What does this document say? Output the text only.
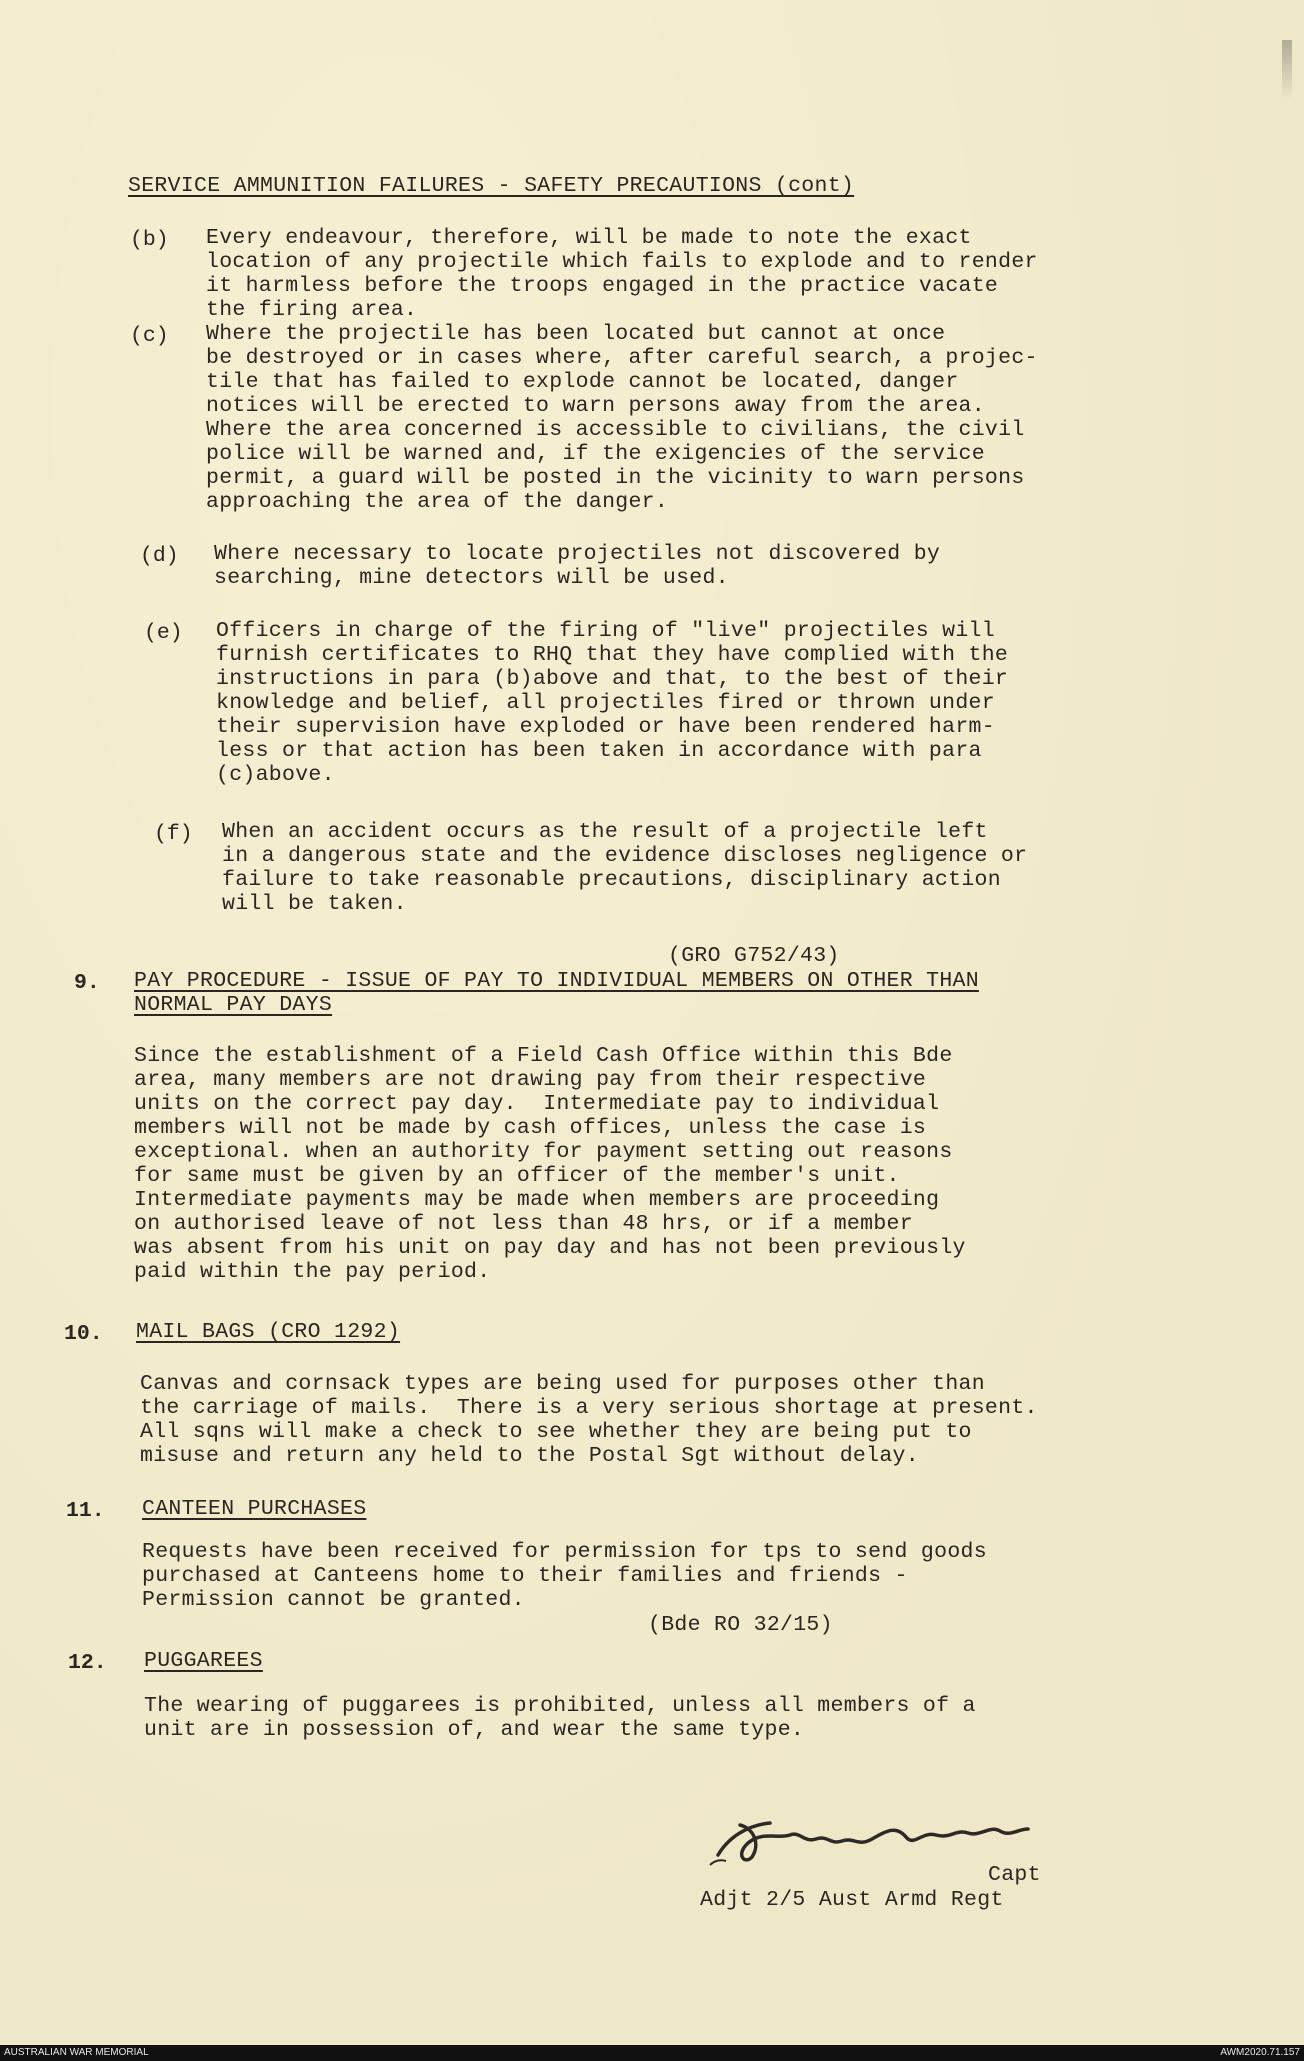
SERVICE AMMUNITION FAILURES - SAFETY PRECAUTIONS (cont)
(b) Every endeavour, therefore, will be made to note the exact
location of any projectile which fails to explode and to render
it harmless before the troops engaged in the practice vacate
the firing area.
(c) Where the projectile has been located but cannot at once
be destroyed or in cases where, after careful search, a projec-
tile that has failed to explode cannot be located, danger
notices will be erected to warn persons away from the area.
Where the area concerned is accessible to civilians, the civil
police will be warned and, if the exigencies of the service
permit, a guard will be posted in the vicinity to warn persons
approaching the area of the danger.
(d) Where necessary to locate projectiles not discovered by
searching, mine detectors will be used.
(e) Officers in charge of the firing of "live" projectiles will
furnish certificates to RHQ that they have complied with the
instructions in para (b)above and that, to the best of their
knowledge and belief, all projectiles fired or thrown under
their supervision have exploded or have been rendered harm-
less or that action has been taken in accordance with para
(c)above.
(f) When an accident occurs as the result of a projectile left
in a dangerous state and the evidence discloses negligence or
failure to take reasonable precautions, disciplinary action
will be taken.
(GRO G752/43)
9. PAY PROCEDURE - ISSUE OF PAY TO INDIVIDUAL MEMBERS ON OTHER THAN
NORMAL PAY DAYS
Since the establishment of a Field Cash Office within this Bde
area, many members are not drawing pay from their respective
units on the correct pay day.  Intermediate pay to individual
members will not be made by cash offices, unless the case is
exceptional. when an authority for payment setting out reasons
for same must be given by an officer of the member's unit.
Intermediate payments may be made when members are proceeding
on authorised leave of not less than 48 hrs, or if a member
was absent from his unit on pay day and has not been previously
paid within the pay period.
10. MAIL BAGS (CRO 1292)
Canvas and cornsack types are being used for purposes other than
the carriage of mails.  There is a very serious shortage at present.
All sqns will make a check to see whether they are being put to
misuse and return any held to the Postal Sgt without delay.
11. CANTEEN PURCHASES
Requests have been received for permission for tps to send goods
purchased at Canteens home to their families and friends -
Permission cannot be granted.
(Bde RO 32/15)
12. PUGGAREES
The wearing of puggarees is prohibited, unless all members of a
unit are in possession of, and wear the same type.
Capt
Adjt 2/5 Aust Armd Regt
AUSTRALIAN WAR MEMORIAL	AWM2020.71.157
